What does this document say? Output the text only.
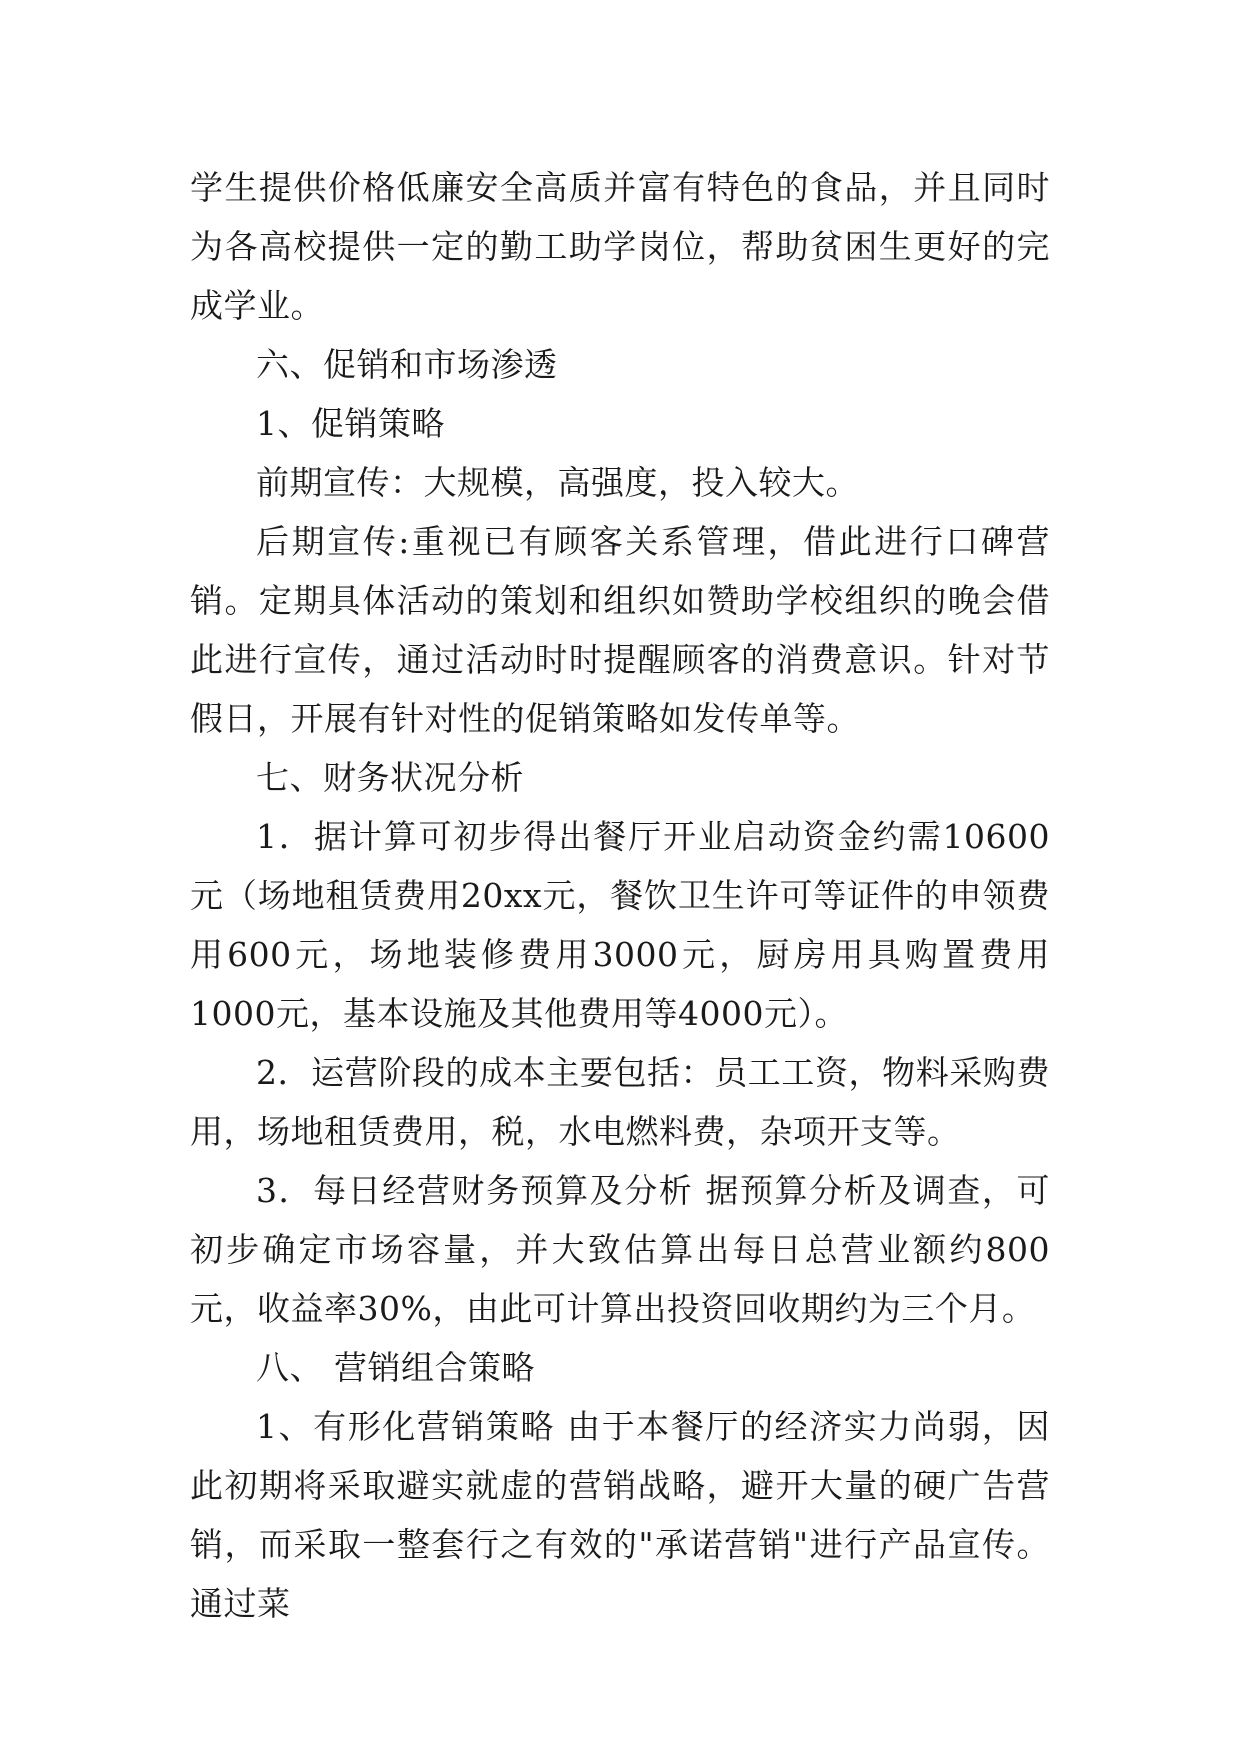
学生提供价格低廉安全高质并富有特色的食品，并且同时为各高校提供一定的勤工助学岗位，帮助贫困生更好的完成学业。

六、促销和市场渗透

1、促销策略

前期宣传：大规模，高强度，投入较大。

后期宣传:重视已有顾客关系管理，借此进行口碑营销。定期具体活动的策划和组织如赞助学校组织的晚会借此进行宣传，通过活动时时提醒顾客的消费意识。针对节假日，开展有针对性的促销策略如发传单等。

七、财务状况分析

1．据计算可初步得出餐厅开业启动资金约需10600元（场地租赁费用20xx元，餐饮卫生许可等证件的申领费用600元，场地装修费用3000元，厨房用具购置费用1000元，基本设施及其他费用等4000元）。

2．运营阶段的成本主要包括：员工工资，物料采购费用，场地租赁费用，税，水电燃料费，杂项开支等。

3．每日经营财务预算及分析 据预算分析及调查，可初步确定市场容量，并大致估算出每日总营业额约800元，收益率30%，由此可计算出投资回收期约为三个月。

八、 营销组合策略

1、有形化营销策略 由于本餐厅的经济实力尚弱，因此初期将采取避实就虚的营销战略，避开大量的硬广告营销，而采取一整套行之有效的"承诺营销"进行产品宣传。通过菜
